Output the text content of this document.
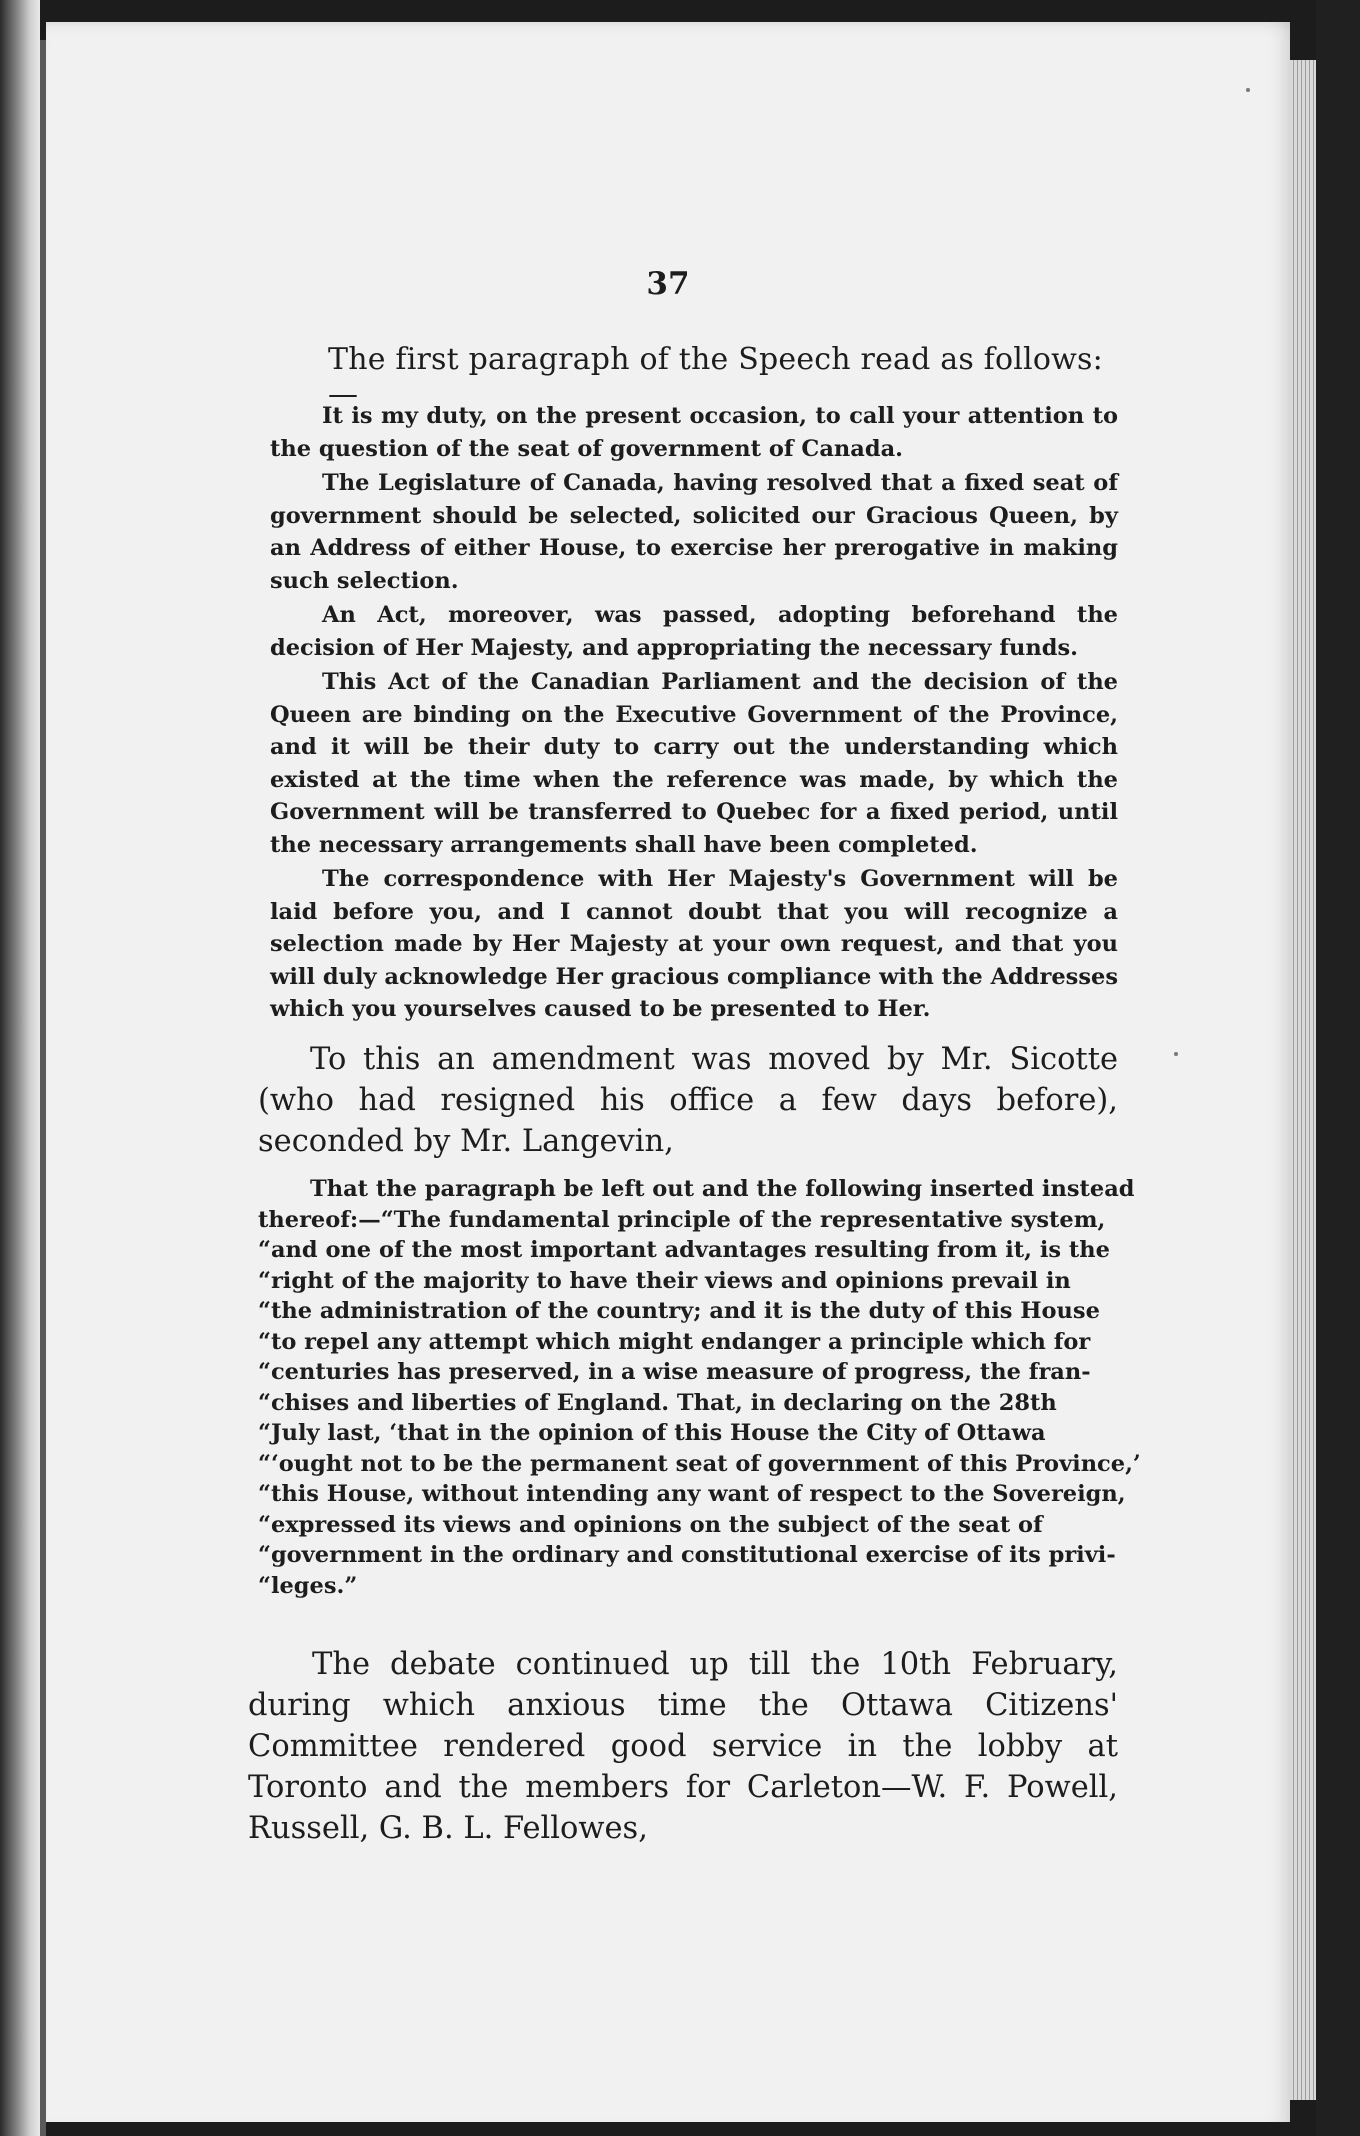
37
The first paragraph of the Speech read as follows:—

It is my duty, on the present occasion, to call your attention to the question of the seat of government of Canada.

The Legislature of Canada, having resolved that a fixed seat of government should be selected, solicited our Gracious Queen, by an Address of either House, to exercise her prerogative in making such selection.

An Act, moreover, was passed, adopting beforehand the decision of Her Majesty, and appropriating the necessary funds.

This Act of the Canadian Parliament and the decision of the Queen are binding on the Executive Government of the Province, and it will be their duty to carry out the understanding which existed at the time when the reference was made, by which the Government will be transferred to Quebec for a fixed period, until the necessary arrangements shall have been completed.

The correspondence with Her Majesty's Government will be laid before you, and I cannot doubt that you will recognize a selection made by Her Majesty at your own request, and that you will duly acknowledge Her gracious compliance with the Addresses which you yourselves caused to be presented to Her.

To this an amendment was moved by Mr. Sicotte (who had resigned his office a few days before), seconded by Mr. Langevin,

That the paragraph be left out and the following inserted instead
thereof:—“The fundamental principle of the representative system,
“and one of the most important advantages resulting from it, is the
“right of the majority to have their views and opinions prevail in
“the administration of the country; and it is the duty of this House
“to repel any attempt which might endanger a principle which for
“centuries has preserved, in a wise measure of progress, the fran-
“chises and liberties of England. That, in declaring on the 28th
“July last, ‘that in the opinion of this House the City of Ottawa
“‘ought not to be the permanent seat of government of this Province,’
“this House, without intending any want of respect to the Sovereign,
“expressed its views and opinions on the subject of the seat of
“government in the ordinary and constitutional exercise of its privi-
“leges.”

The debate continued up till the 10th February, during which anxious time the Ottawa Citizens' Committee rendered good service in the lobby at Toronto and the members for Carleton—W. F. Powell, Russell, G. B. L. Fellowes,
